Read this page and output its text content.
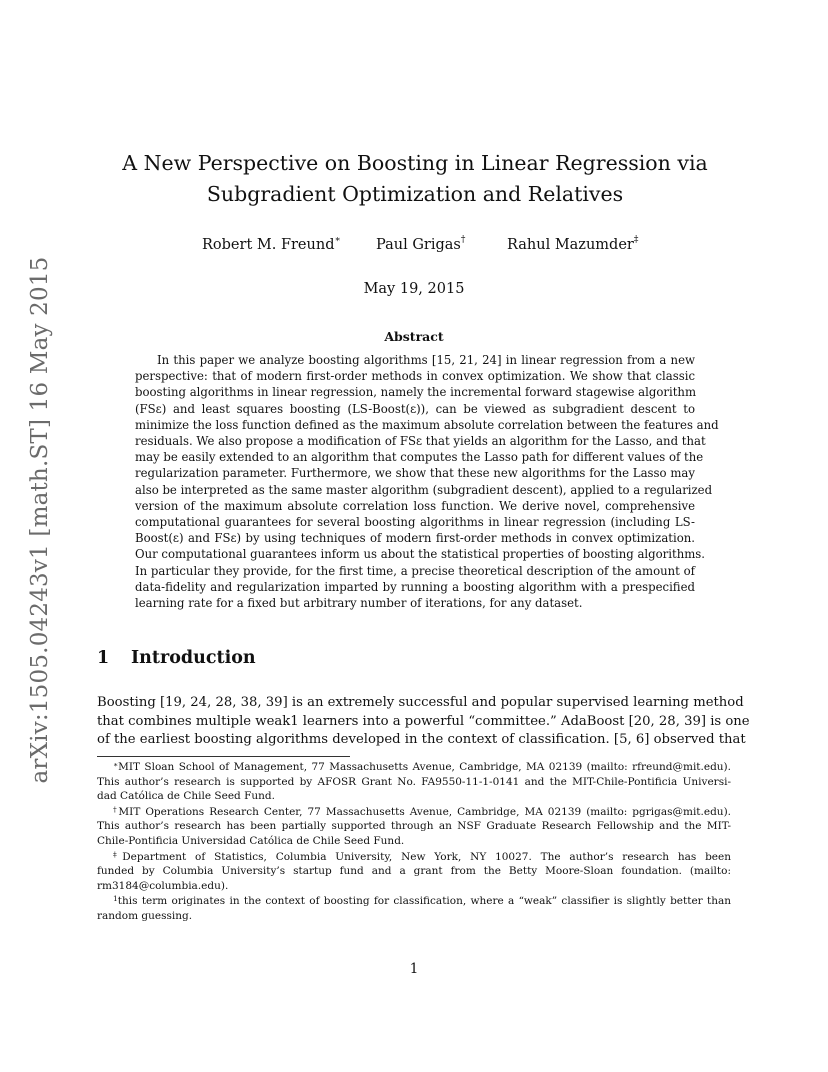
arXiv:1505.04243v1 [math.ST] 16 May 2015
A New Perspective on Boosting in Linear Regression via
Subgradient Optimization and Relatives
Robert M. Freund∗ Paul Grigas†	Rahul Mazumder‡
May 19, 2015
Abstract
In this paper we analyze boosting algorithms [15, 21, 24] in linear regression from a new
perspective: that of modern first-order methods in convex optimization. We show that classic
boosting algorithms in linear regression, namely the incremental forward stagewise algorithm
(FSε) and least squares boosting (LS-Boost(ε)), can be viewed as subgradient descent to
minimize the loss function defined as the maximum absolute correlation between the features and
residuals. We also propose a modification of FSε that yields an algorithm for the Lasso, and that
may be easily extended to an algorithm that computes the Lasso path for different values of the
regularization parameter. Furthermore, we show that these new algorithms for the Lasso may
also be interpreted as the same master algorithm (subgradient descent), applied to a regularized
version of the maximum absolute correlation loss function. We derive novel, comprehensive
computational guarantees for several boosting algorithms in linear regression (including LS-
Boost(ε) and FSε) by using techniques of modern first-order methods in convex optimization.
Our computational guarantees inform us about the statistical properties of boosting algorithms.
In particular they provide, for the first time, a precise theoretical description of the amount of
data-fidelity and regularization imparted by running a boosting algorithm with a prespecified
learning rate for a fixed but arbitrary number of iterations, for any dataset.
1 Introduction
Boosting [19, 24, 28, 38, 39] is an extremely successful and popular supervised learning method
that combines multiple weak1 learners into a powerful “committee.” AdaBoost [20, 28, 39] is one
of the earliest boosting algorithms developed in the context of classification. [5, 6] observed that
∗MIT Sloan School of Management, 77 Massachusetts Avenue, Cambridge, MA 02139 (mailto: rfreund@mit.edu).
This author’s research is supported by AFOSR Grant No. FA9550-11-1-0141 and the MIT-Chile-Pontificia Universi-
dad Católica de Chile Seed Fund.
†MIT Operations Research Center, 77 Massachusetts Avenue, Cambridge, MA 02139 (mailto: pgrigas@mit.edu).
This author’s research has been partially supported through an NSF Graduate Research Fellowship and the MIT-
Chile-Pontificia Universidad Católica de Chile Seed Fund.
‡Department of Statistics, Columbia University, New York, NY 10027. The author’s research has been
funded by Columbia University’s startup fund and a grant from the Betty Moore-Sloan foundation. (mailto:
rm3184@columbia.edu).
$^1$this term originates in the context of boosting for classification, where a “weak” classifier is slightly better than
random guessing.
1
